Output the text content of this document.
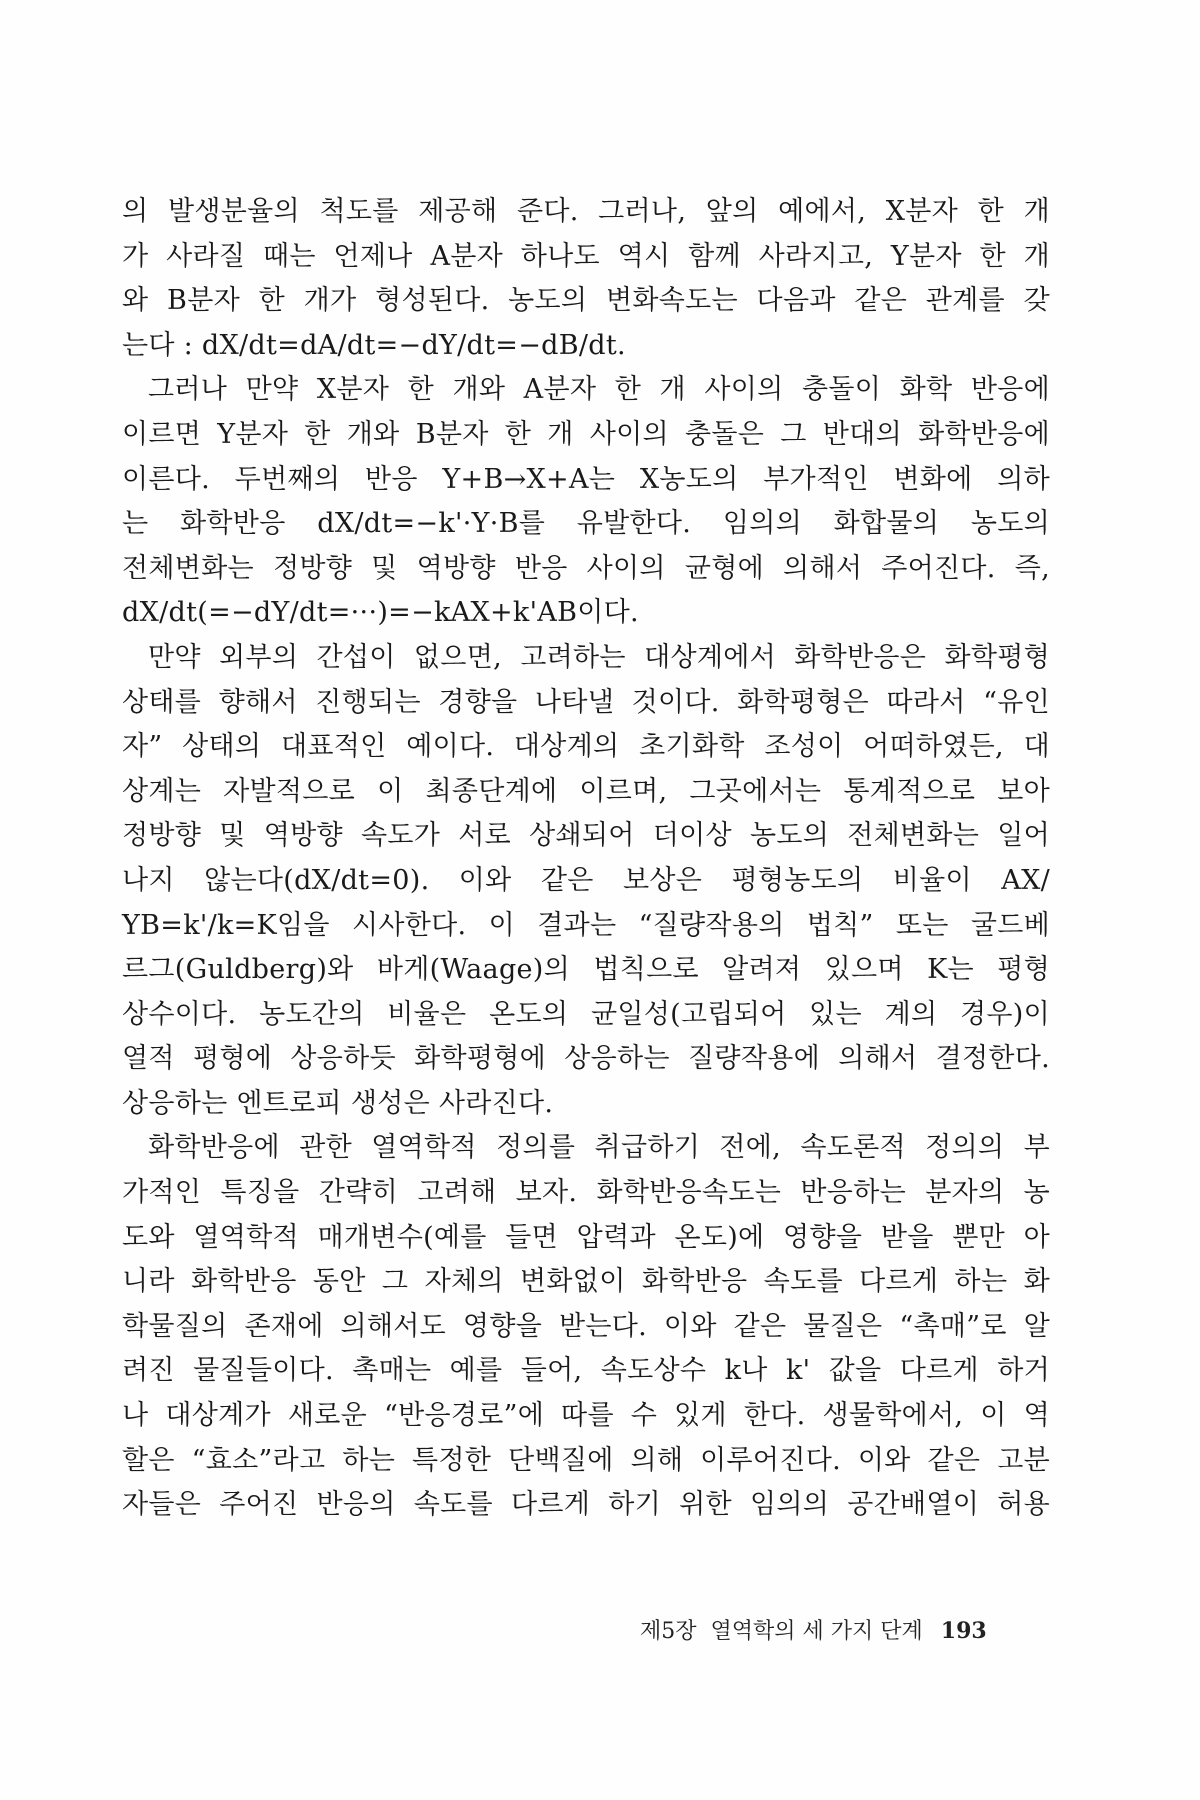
의 발생분율의 척도를 제공해 준다. 그러나, 앞의 예에서, X분자 한 개
가 사라질 때는 언제나 A분자 하나도 역시 함께 사라지고, Y분자 한 개
와 B분자 한 개가 형성된다. 농도의 변화속도는 다음과 같은 관계를 갖
는다 : dX/dt=dA/dt=−dY/dt=−dB/dt.
그러나 만약 X분자 한 개와 A분자 한 개 사이의 충돌이 화학 반응에
이르면 Y분자 한 개와 B분자 한 개 사이의 충돌은 그 반대의 화학반응에
이른다. 두번째의 반응 Y+B→X+A는 X농도의 부가적인 변화에 의하
는 화학반응 dX/dt=−k'·Y·B를 유발한다. 임의의 화합물의 농도의
전체변화는 정방향 및 역방향 반응 사이의 균형에 의해서 주어진다. 즉,
dX/dt(=−dY/dt=···)=−kAX+k'AB이다.
만약 외부의 간섭이 없으면, 고려하는 대상계에서 화학반응은 화학평형
상태를 향해서 진행되는 경향을 나타낼 것이다. 화학평형은 따라서 “유인
자” 상태의 대표적인 예이다. 대상계의 초기화학 조성이 어떠하였든, 대
상계는 자발적으로 이 최종단계에 이르며, 그곳에서는 통계적으로 보아
정방향 및 역방향 속도가 서로 상쇄되어 더이상 농도의 전체변화는 일어
나지 않는다(dX/dt=0). 이와 같은 보상은 평형농도의 비율이 AX/
YB=k'/k=K임을 시사한다. 이 결과는 “질량작용의 법칙” 또는 굴드베
르그(Guldberg)와 바게(Waage)의 법칙으로 알려져 있으며 K는 평형
상수이다. 농도간의 비율은 온도의 균일성(고립되어 있는 계의 경우)이
열적 평형에 상응하듯 화학평형에 상응하는 질량작용에 의해서 결정한다.
상응하는 엔트로피 생성은 사라진다.
화학반응에 관한 열역학적 정의를 취급하기 전에, 속도론적 정의의 부
가적인 특징을 간략히 고려해 보자. 화학반응속도는 반응하는 분자의 농
도와 열역학적 매개변수(예를 들면 압력과 온도)에 영향을 받을 뿐만 아
니라 화학반응 동안 그 자체의 변화없이 화학반응 속도를 다르게 하는 화
학물질의 존재에 의해서도 영향을 받는다. 이와 같은 물질은 “촉매”로 알
려진 물질들이다. 촉매는 예를 들어, 속도상수 k나 k' 값을 다르게 하거
나 대상계가 새로운 “반응경로”에 따를 수 있게 한다. 생물학에서, 이 역
할은 “효소”라고 하는 특정한 단백질에 의해 이루어진다. 이와 같은 고분
자들은 주어진 반응의 속도를 다르게 하기 위한 임의의 공간배열이 허용
제5장 열역학의 세 가지 단계 193
